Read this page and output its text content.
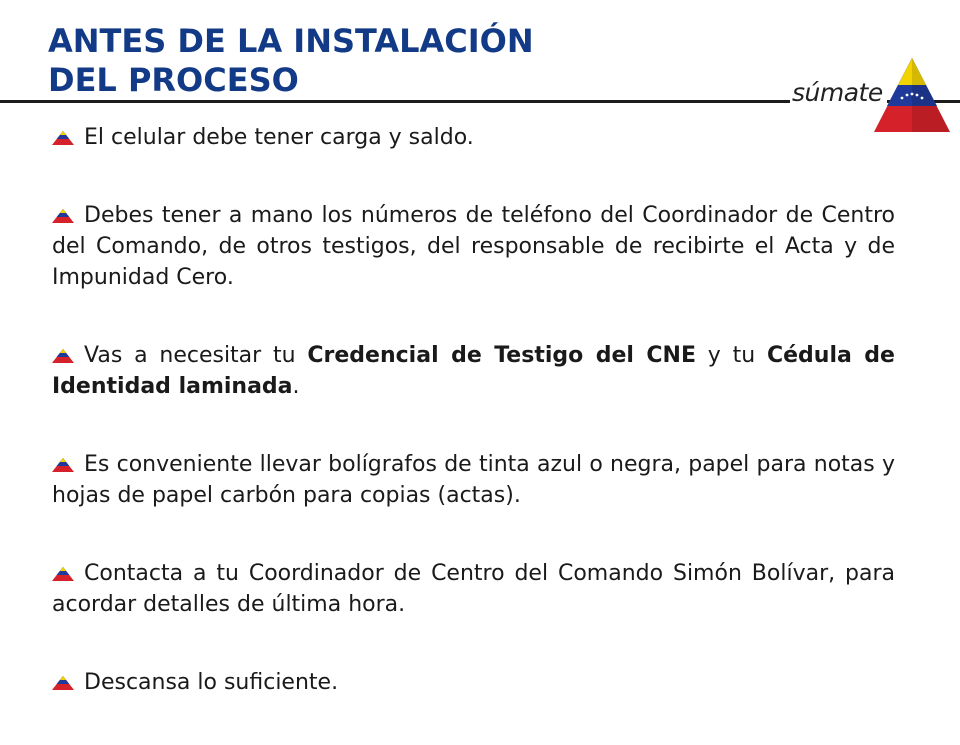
ANTES DE LA INSTALACIÓN
DEL PROCESO	súmate

El celular debe tener carga y saldo.

Debes tener a mano los números de teléfono del Coordinador de Centro del Comando, de otros testigos, del responsable de recibirte el Acta y de Impunidad Cero.

Vas a necesitar tu Credencial de Testigo del CNE y tu Cédula de Identidad laminada.

Es conveniente llevar bolígrafos de tinta azul o negra, papel para notas y hojas de papel carbón para copias (actas).

Contacta a tu Coordinador de Centro del Comando Simón Bolívar, para acordar detalles de última hora.

Descansa lo suficiente.
